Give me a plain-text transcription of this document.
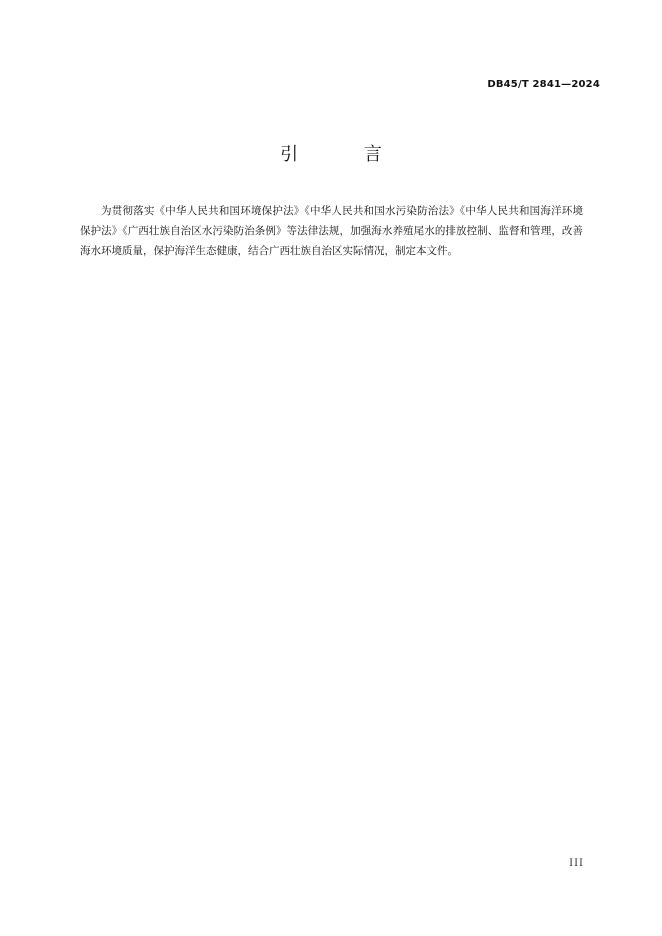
DB45/T 2841—2024
引 言

为贯彻落实《中华人民共和国环境保护法》《中华人民共和国水污染防治法》《中华人民共和国海洋环境保护法》《广西壮族自治区水污染防治条例》等法律法规，加强海水养殖尾水的排放控制、监督和管理，改善海水环境质量，保护海洋生态健康，结合广西壮族自治区实际情况，制定本文件。

III
